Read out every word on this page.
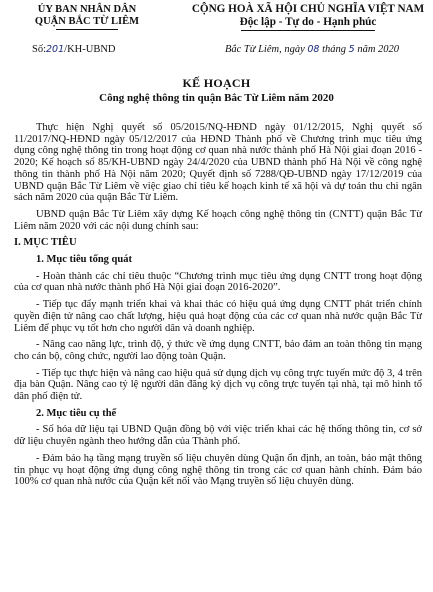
ỦY BAN NHÂN DÂN
QUẬN BẮC TỪ LIÊM
CỘNG HOÀ XÃ HỘI CHỦ NGHĨA VIỆT NAM
Độc lập - Tự do - Hạnh phúc
Số:201/KH-UBND	Bắc Từ Liêm, ngày 08 tháng 5 năm 2020
KẾ HOẠCH
Công nghệ thông tin quận Bắc Từ Liêm năm 2020

Thực hiện Nghị quyết số 05/2015/NQ-HĐND ngày 01/12/2015, Nghị quyết số 11/2017/NQ-HĐND ngày 05/12/2017 của HĐND Thành phố về Chương trình mục tiêu ứng dụng công nghệ thông tin trong hoạt động cơ quan nhà nước thành phố Hà Nội giai đoạn 2016 - 2020; Kế hoạch số 85/KH-UBND ngày 24/4/2020 của UBND thành phố Hà Nội về công nghệ thông tin thành phố Hà Nội năm 2020; Quyết định số 7288/QĐ-UBND ngày 17/12/2019 của UBND quận Bắc Từ Liêm về việc giao chỉ tiêu kế hoạch kinh tế xã hội và dự toán thu chi ngân sách năm 2020 của quận Bắc Từ Liêm.

UBND quận Bắc Từ Liêm xây dựng Kế hoạch công nghệ thông tin (CNTT) quận Bắc Từ Liêm năm 2020 với các nội dung chính sau:

I. MỤC TIÊU
1. Mục tiêu tổng quát

- Hoàn thành các chỉ tiêu thuộc “Chương trình mục tiêu ứng dụng CNTT trong hoạt động của cơ quan nhà nước thành phố Hà Nội giai đoạn 2016-2020”.

- Tiếp tục đẩy mạnh triển khai và khai thác có hiệu quả ứng dụng CNTT phát triển chính quyền điện tử nâng cao chất lượng, hiệu quả hoạt động của các cơ quan nhà nước quận Bắc Từ Liêm để phục vụ tốt hơn cho người dân và doanh nghiệp.

- Nâng cao năng lực, trình độ, ý thức về ứng dụng CNTT, bảo đảm an toàn thông tin mạng cho cán bộ, công chức, người lao động toàn Quận.

- Tiếp tục thực hiện và nâng cao hiệu quả sử dụng dịch vụ công trực tuyến mức độ 3, 4 trên địa bàn Quận. Nâng cao tỷ lệ người dân đăng ký dịch vụ công trực tuyến tại nhà, tại mô hình tổ dân phố điện tử.

2. Mục tiêu cụ thể

- Số hóa dữ liệu tại UBND Quận đồng bộ với việc triển khai các hệ thống thông tin, cơ sở dữ liệu chuyên ngành theo hướng dẫn của Thành phố.

- Đảm bảo hạ tầng mạng truyền số liệu chuyên dùng Quận ổn định, an toàn, bảo mật thông tin phục vụ hoạt động ứng dụng công nghệ thông tin trong các cơ quan hành chính. Đảm bảo 100% cơ quan nhà nước của Quận kết nối vào Mạng truyền số liệu chuyên dùng.
